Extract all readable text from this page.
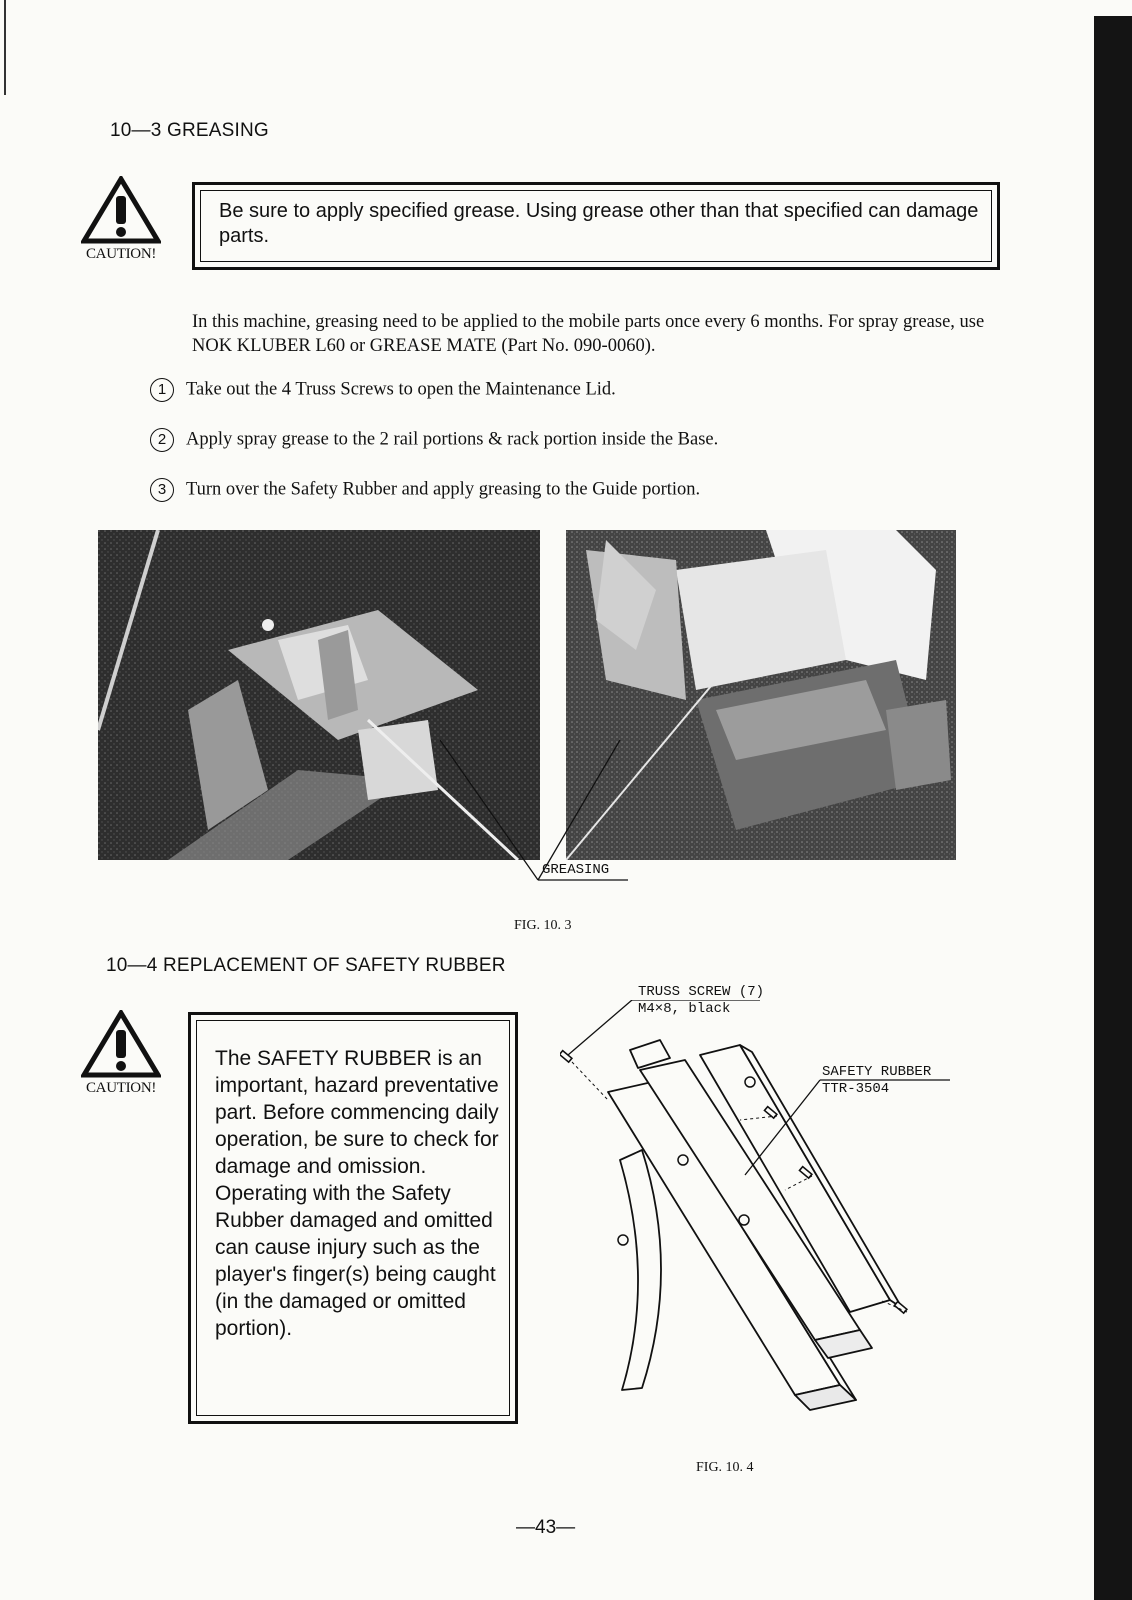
10—3 GREASING
CAUTION!
Be sure to apply specified grease. Using grease other than that specified can damage parts.
In this machine, greasing need to be applied to the mobile parts once every 6 months. For spray grease, use NOK KLUBER L60 or GREASE MATE (Part No. 090-0060).
1 Take out the 4 Truss Screws to open the Maintenance Lid.
2 Apply spray grease to the 2 rail portions & rack portion inside the Base.
3 Turn over the Safety Rubber and apply greasing to the Guide portion.
GREASING
FIG. 10. 3
10—4 REPLACEMENT OF SAFETY RUBBER
CAUTION!
The SAFETY RUBBER is an important, hazard preventative part. Before commencing daily operation, be sure to check for damage and omission. Operating with the Safety Rubber damaged and omitted can cause injury such as the player's finger(s) being caught (in the damaged or omitted portion).
TRUSS SCREW (7)
M4×8, black
SAFETY RUBBER
TTR-3504
FIG. 10. 4
—43—
